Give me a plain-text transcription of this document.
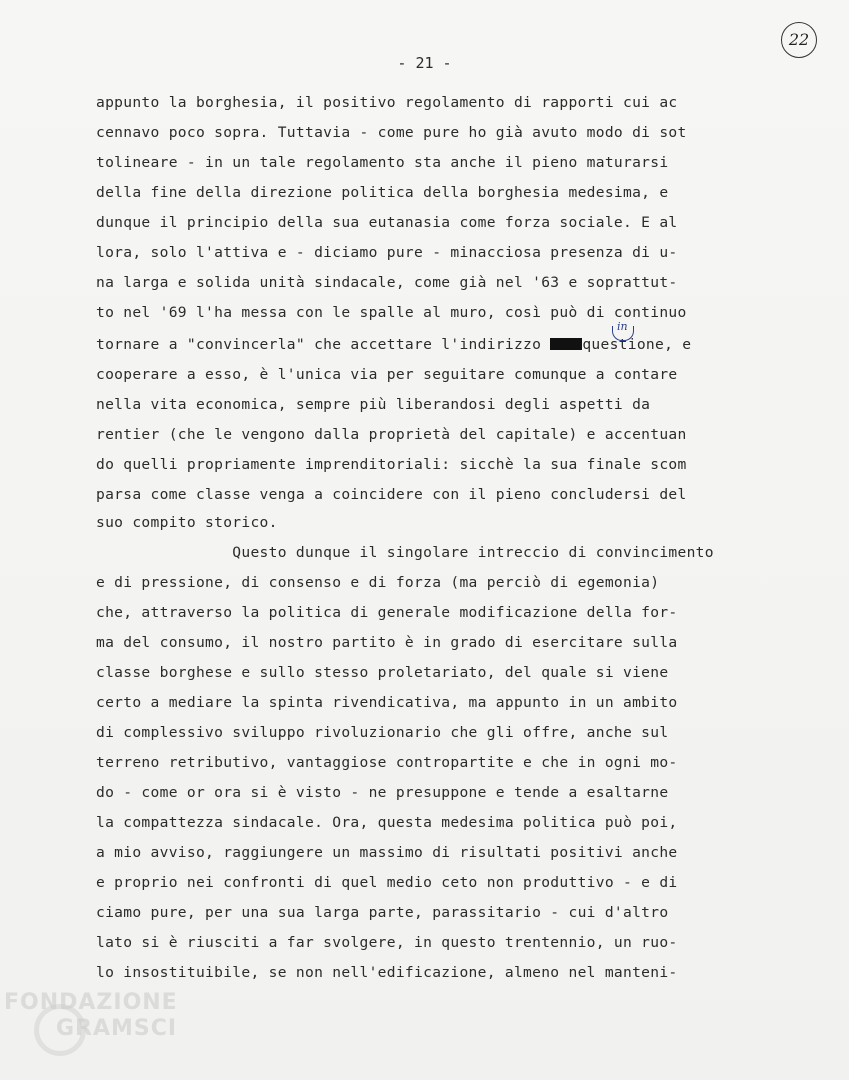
- 21 -
22
appunto la borghesia, il positivo regolamento di rapporti cui ac
cennavo poco sopra. Tuttavia - come pure ho già avuto modo di sot
tolineare - in un tale regolamento sta anche il pieno maturarsi
della fine della direzione politica della borghesia medesima, e
dunque il principio della sua eutanasia come forza sociale. E al
lora, solo l'attiva e - diciamo pure - minacciosa presenza di u-
na larga e solida unità sindacale, come già nel '63 e soprattut-
to nel '69 l'ha messa con le spalle al muro, così può di continuo
tornare a "convincerla" che accettare l'indirizzo questione, e
cooperare a esso, è l'unica via per seguitare comunque a contare
nella vita economica, sempre più liberandosi degli aspetti da
rentier (che le vengono dalla proprietà del capitale) e accentuan
do quelli propriamente imprenditoriali: sicchè la sua finale scom
parsa come classe venga a coincidere con il pieno concludersi del
suo compito storico.
in
Questo dunque il singolare intreccio di convincimento
e di pressione, di consenso e di forza (ma perciò di egemonia)
che, attraverso la politica di generale modificazione della for-
ma del consumo, il nostro partito è in grado di esercitare sulla
classe borghese e sullo stesso proletariato, del quale si viene
certo a mediare la spinta rivendicativa, ma appunto in un ambito
di complessivo sviluppo rivoluzionario che gli offre, anche sul
terreno retributivo, vantaggiose contropartite e che in ogni mo-
do - come or ora si è visto - ne presuppone e tende a esaltarne
la compattezza sindacale. Ora, questa medesima politica può poi,
a mio avviso, raggiungere un massimo di risultati positivi anche
e proprio nei confronti di quel medio ceto non produttivo - e di
ciamo pure, per una sua larga parte, parassitario - cui d'altro
lato si è riusciti a far svolgere, in questo trentennio, un ruo-
lo insostituibile, se non nell'edificazione, almeno nel manteni-
FONDAZIONE
GRAMSCI
